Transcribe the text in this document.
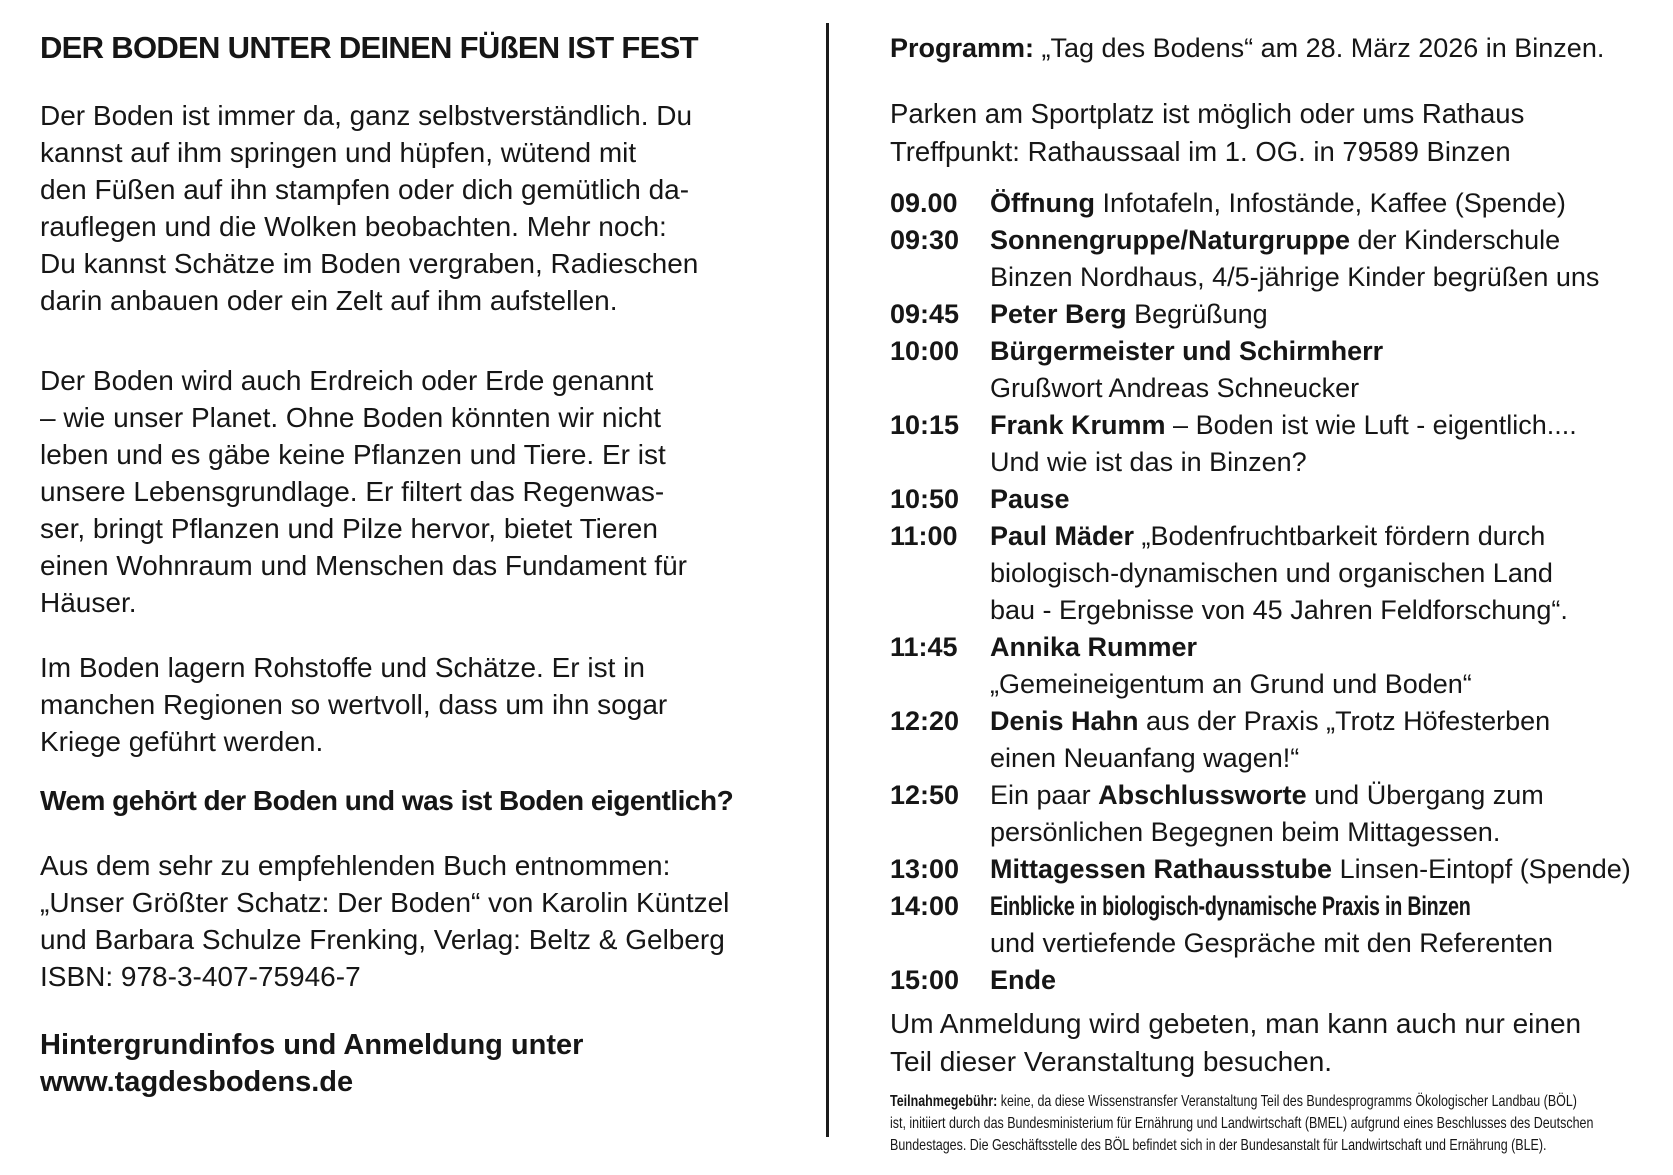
DER BODEN UNTER DEINEN FÜßEN IST FEST
Der Boden ist immer da, ganz selbstverständlich. Du
kannst auf ihm springen und hüpfen, wütend mit
den Füßen auf ihn stampfen oder dich gemütlich da-
rauflegen und die Wolken beobachten. Mehr noch:
Du kannst Schätze im Boden vergraben, Radieschen
darin anbauen oder ein Zelt auf ihm aufstellen.
Der Boden wird auch Erdreich oder Erde genannt
– wie unser Planet. Ohne Boden könnten wir nicht
leben und es gäbe keine Pflanzen und Tiere. Er ist
unsere Lebensgrundlage. Er filtert das Regenwas-
ser, bringt Pflanzen und Pilze hervor, bietet Tieren
einen Wohnraum und Menschen das Fundament für
Häuser.
Im Boden lagern Rohstoffe und Schätze. Er ist in
manchen Regionen so wertvoll, dass um ihn sogar
Kriege geführt werden.
Wem gehört der Boden und was ist Boden eigentlich?
Aus dem sehr zu empfehlenden Buch entnommen:
„Unser Größter Schatz: Der Boden“ von Karolin Küntzel
und Barbara Schulze Frenking, Verlag: Beltz & Gelberg
ISBN: 978-3-407-75946-7
Hintergrundinfos und Anmeldung unter
www.tagdesbodens.de
Programm: „Tag des Bodens“ am 28. März 2026 in Binzen.
Parken am Sportplatz ist möglich oder ums Rathaus
Treffpunkt: Rathaussaal im 1. OG. in 79589 Binzen
09.00	Öffnung Infotafeln, Infostände, Kaffee (Spende)
09:30	Sonnengruppe/Naturgruppe der Kinderschule
Binzen Nordhaus, 4/5-jährige Kinder begrüßen uns
09:45	Peter Berg Begrüßung
10:00	Bürgermeister und Schirmherr
Grußwort Andreas Schneucker
10:15	Frank Krumm – Boden ist wie Luft - eigentlich....
Und wie ist das in Binzen?
10:50	Pause
11:00	Paul Mäder „Bodenfruchtbarkeit fördern durch
biologisch-dynamischen und organischen Land
bau - Ergebnisse von 45 Jahren Feldforschung“.
11:45	Annika Rummer
„Gemeineigentum an Grund und Boden“
12:20	Denis Hahn aus der Praxis „Trotz Höfesterben
einen Neuanfang wagen!“
12:50	Ein paar Abschlussworte und Übergang zum
persönlichen Begegnen beim Mittagessen.
13:00	Mittagessen Rathausstube Linsen-Eintopf (Spende)
14:00	Einblicke in biologisch-dynamische Praxis in Binzen
und vertiefende Gespräche mit den Referenten
15:00	Ende
Um Anmeldung wird gebeten, man kann auch nur einen
Teil dieser Veranstaltung besuchen.
Teilnahmegebühr: keine, da diese Wissenstransfer Veranstaltung Teil des Bundesprogramms Ökologischer Landbau (BÖL)
ist, initiiert durch das Bundesministerium für Ernährung und Landwirtschaft (BMEL) aufgrund eines Beschlusses des Deutschen
Bundestages. Die Geschäftsstelle des BÖL befindet sich in der Bundesanstalt für Landwirtschaft und Ernährung (BLE).
